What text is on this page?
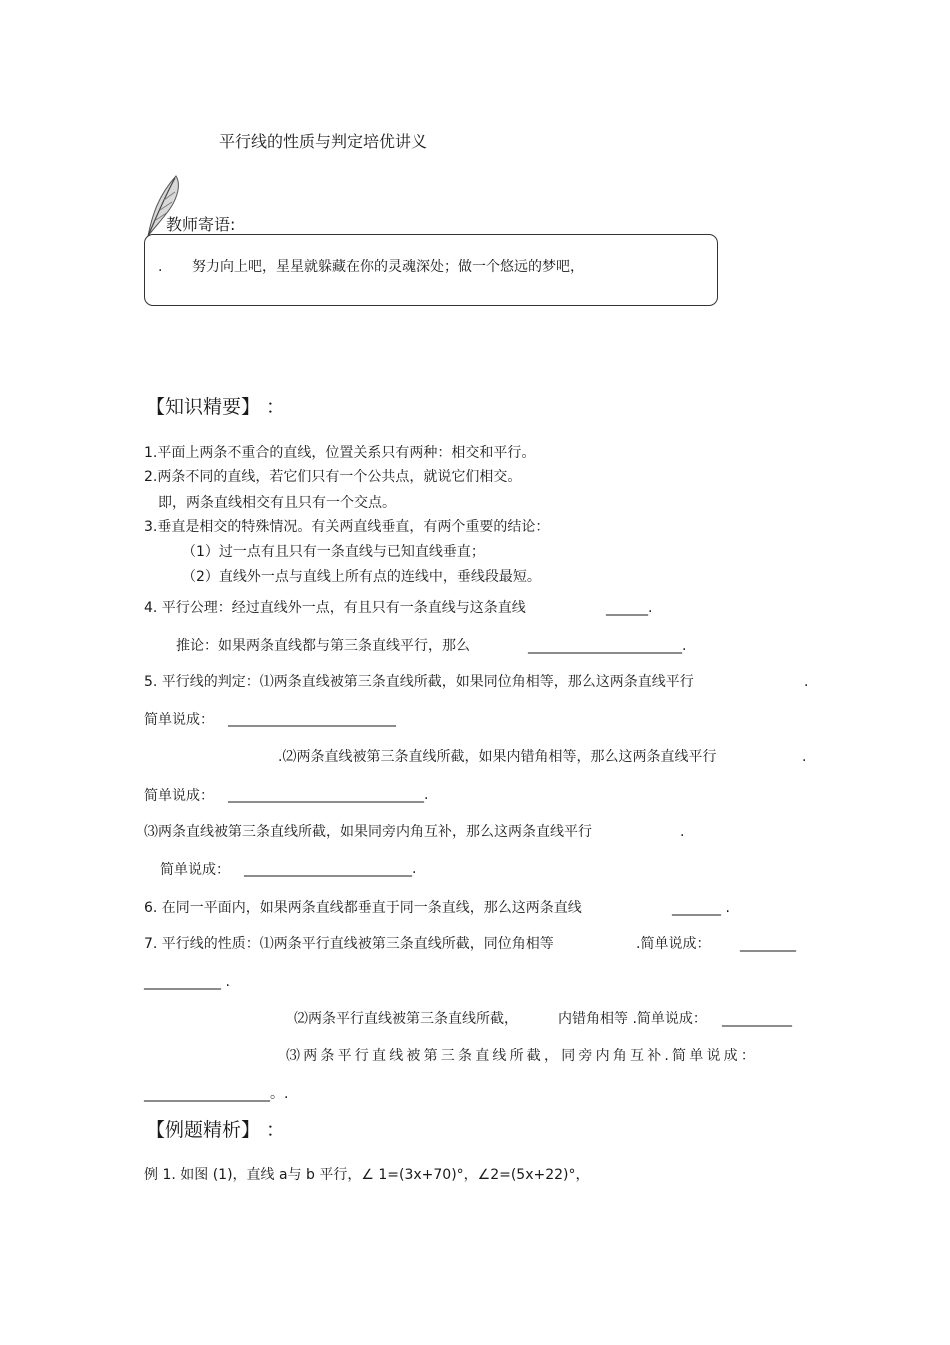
平行线的性质与判定培优讲义
教师寄语:
. 努力向上吧，星星就躲藏在你的灵魂深处；做一个悠远的梦吧，
【知识精要】 ：
1.平面上两条不重合的直线，位置关系只有两种：相交和平行。
2.两条不同的直线，若它们只有一个公共点，就说它们相交。
即，两条直线相交有且只有一个交点。
3.垂直是相交的特殊情况。有关两直线垂直，有两个重要的结论：
（1）过一点有且只有一条直线与已知直线垂直；
（2）直线外一点与直线上所有点的连线中，垂线段最短。
4. 平行公理：经过直线外一点，有且只有一条直线与这条直线	______.
推论：如果两条直线都与第三条直线平行，那么	______________________.
5. 平行线的判定：⑴两条直线被第三条直线所截，如果同位角相等，那么这两条直线平行	.
简单说成： ________________________
.⑵两条直线被第三条直线所截，如果内错角相等，那么这两条直线平行	.
简单说成： ____________________________.
⑶两条直线被第三条直线所截，如果同旁内角互补，那么这两条直线平行	.
简单说成： ________________________.
6. 在同一平面内，如果两条直线都垂直于同一条直线，那么这两条直线	_______ .
7. 平行线的性质：⑴两条平行直线被第三条直线所截，同位角相等	.简单说成： ________
___________ .
⑵两条平行直线被第三条直线所截，	内错角相等 .简单说成： __________
⑶两条平行直线被第三条直线所截，同旁内角互补.简单说成：
__________________。.
【例题精析】 ：
例 1. 如图 (1)，直线 a与 b 平行，∠ 1=(3x+70)°，∠2=(5x+22)°，
